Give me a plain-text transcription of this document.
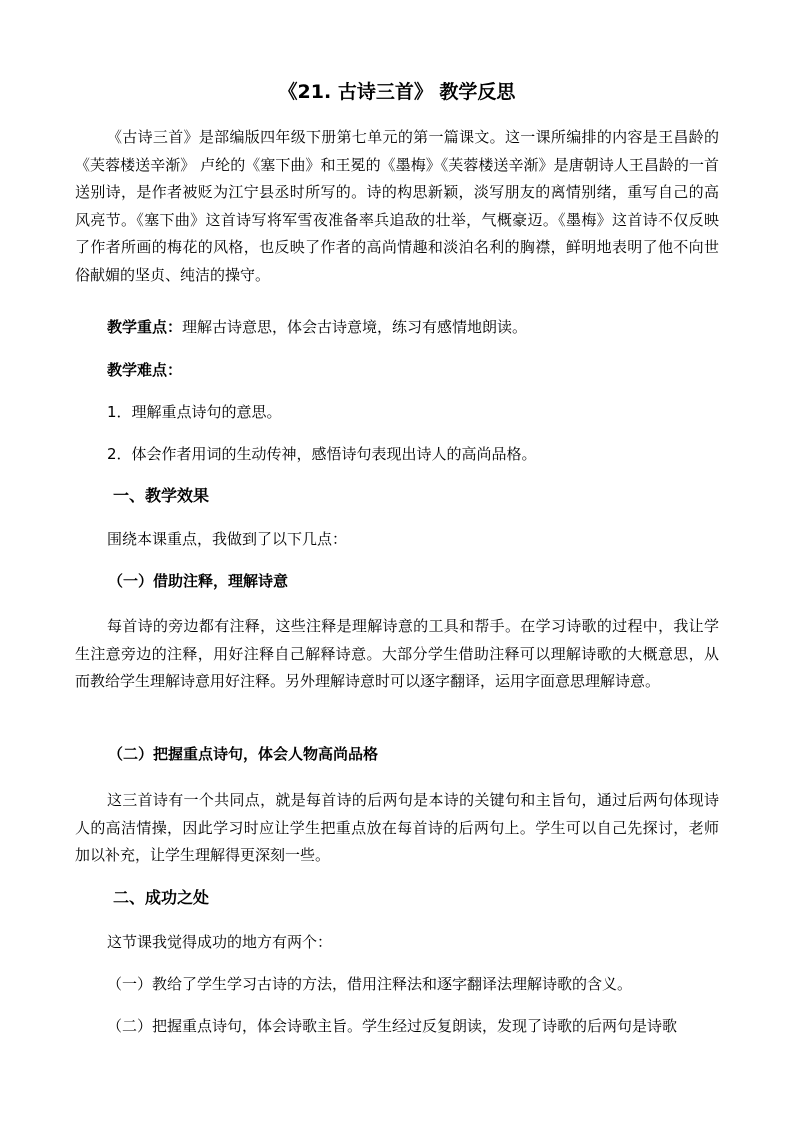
《21. 古诗三首》 教学反思
《古诗三首》是部编版四年级下册第七单元的第一篇课文。这一课所编排的内容是王昌龄的《芙蓉楼送辛渐》 卢纶的《塞下曲》和王冕的《墨梅》《芙蓉楼送辛渐》是唐朝诗人王昌龄的一首送别诗，是作者被贬为江宁县丞时所写的。诗的构思新颖，淡写朋友的离情别绪，重写自己的高风亮节。《塞下曲》这首诗写将军雪夜准备率兵追敌的壮举，气概豪迈。《墨梅》这首诗不仅反映了作者所画的梅花的风格，也反映了作者的高尚情趣和淡泊名利的胸襟，鲜明地表明了他不向世俗献媚的坚贞、纯洁的操守。
教学重点：理解古诗意思，体会古诗意境，练习有感情地朗读。
教学难点：
1．理解重点诗句的意思。
2．体会作者用词的生动传神，感悟诗句表现出诗人的高尚品格。
一、教学效果
围绕本课重点，我做到了以下几点：
（一）借助注释，理解诗意
每首诗的旁边都有注释，这些注释是理解诗意的工具和帮手。在学习诗歌的过程中，我让学生注意旁边的注释，用好注释自己解释诗意。大部分学生借助注释可以理解诗歌的大概意思，从而教给学生理解诗意用好注释。另外理解诗意时可以逐字翻译，运用字面意思理解诗意。
（二）把握重点诗句，体会人物高尚品格
这三首诗有一个共同点，就是每首诗的后两句是本诗的关键句和主旨句，通过后两句体现诗人的高洁情操，因此学习时应让学生把重点放在每首诗的后两句上。学生可以自己先探讨，老师加以补充，让学生理解得更深刻一些。
二、成功之处
这节课我觉得成功的地方有两个：
（一）教给了学生学习古诗的方法，借用注释法和逐字翻译法理解诗歌的含义。
（二）把握重点诗句，体会诗歌主旨。学生经过反复朗读，发现了诗歌的后两句是诗歌
